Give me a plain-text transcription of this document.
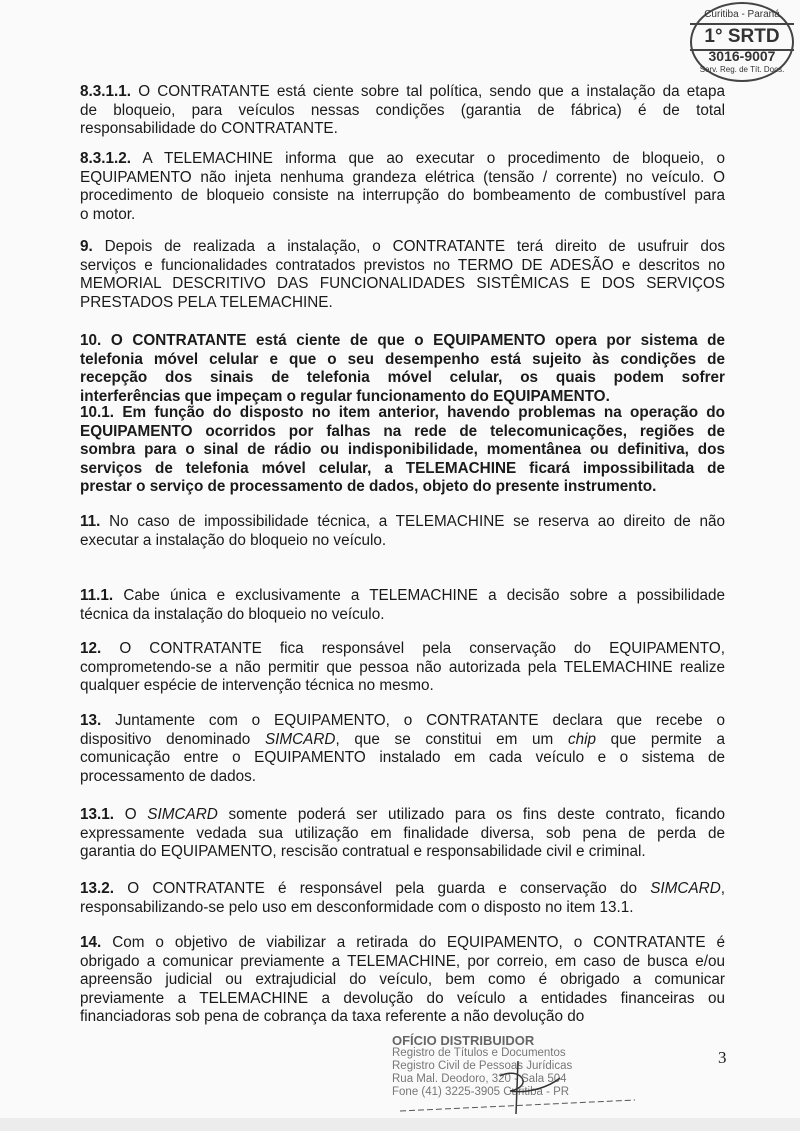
8.3.1.1. O CONTRATANTE está ciente sobre tal política, sendo que a instalação da etapa
de bloqueio, para veículos nessas condições (garantia de fábrica) é de total
responsabilidade do CONTRATANTE.
8.3.1.2. A TELEMACHINE informa que ao executar o procedimento de bloqueio, o
EQUIPAMENTO não injeta nenhuma grandeza elétrica (tensão / corrente) no veículo. O
procedimento de bloqueio consiste na interrupção do bombeamento de combustível para
o motor.
9. Depois de realizada a instalação, o CONTRATANTE terá direito de usufruir dos
serviços e funcionalidades contratados previstos no TERMO DE ADESÃO e descritos no
MEMORIAL DESCRITIVO DAS FUNCIONALIDADES SISTÊMICAS E DOS SERVIÇOS
PRESTADOS PELA TELEMACHINE.
10. O CONTRATANTE está ciente de que o EQUIPAMENTO opera por sistema de
telefonia móvel celular e que o seu desempenho está sujeito às condições de
recepção dos sinais de telefonia móvel celular, os quais podem sofrer
interferências que impeçam o regular funcionamento do EQUIPAMENTO.
10.1. Em função do disposto no item anterior, havendo problemas na operação do
EQUIPAMENTO ocorridos por falhas na rede de telecomunicações, regiões de
sombra para o sinal de rádio ou indisponibilidade, momentânea ou definitiva, dos
serviços de telefonia móvel celular, a TELEMACHINE ficará impossibilitada de
prestar o serviço de processamento de dados, objeto do presente instrumento.
11. No caso de impossibilidade técnica, a TELEMACHINE se reserva ao direito de não
executar a instalação do bloqueio no veículo.
11.1. Cabe única e exclusivamente a TELEMACHINE a decisão sobre a possibilidade
técnica da instalação do bloqueio no veículo.
12. O CONTRATANTE fica responsável pela conservação do EQUIPAMENTO,
comprometendo-se a não permitir que pessoa não autorizada pela TELEMACHINE realize
qualquer espécie de intervenção técnica no mesmo.
13. Juntamente com o EQUIPAMENTO, o CONTRATANTE declara que recebe o
dispositivo denominado SIMCARD, que se constitui em um chip que permite a
comunicação entre o EQUIPAMENTO instalado em cada veículo e o sistema de
processamento de dados.
13.1. O SIMCARD somente poderá ser utilizado para os fins deste contrato, ficando
expressamente vedada sua utilização em finalidade diversa, sob pena de perda de
garantia do EQUIPAMENTO, rescisão contratual e responsabilidade civil e criminal.
13.2. O CONTRATANTE é responsável pela guarda e conservação do SIMCARD,
responsabilizando-se pelo uso em desconformidade com o disposto no item 13.1.
14. Com o objetivo de viabilizar a retirada do EQUIPAMENTO, o CONTRATANTE é
obrigado a comunicar previamente a TELEMACHINE, por correio, em caso de busca e/ou
apreensão judicial ou extrajudicial do veículo, bem como é obrigado a comunicar
previamente a TELEMACHINE a devolução do veículo a entidades financeiras ou
financiadoras sob pena de cobrança da taxa referente a não devolução do
Curitiba - Paraná
1° SRTD
3016-9007
Serv. Reg. de Tít. Docs.
OFÍCIO DISTRIBUIDOR
Registro de Títulos e Documentos
Registro Civil de Pessoas Jurídicas
Rua Mal. Deodoro, 320 - Sala 504
Fone (41) 3225-3905 Curitiba - PR
3
